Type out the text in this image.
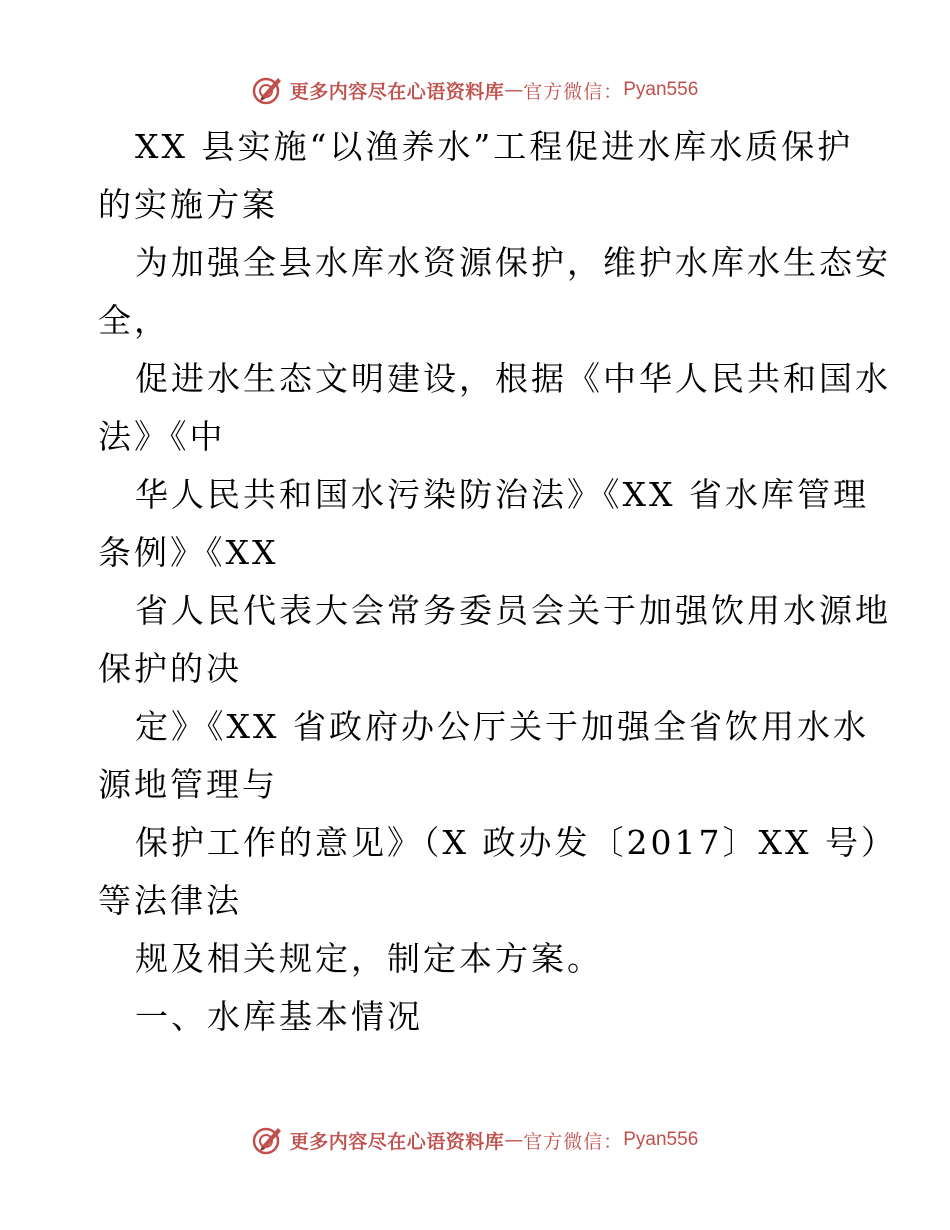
更多内容尽在心语资料库 — 官方微信： Pyan556
XX 县实施“以渔养水”工程促进水库水质保护
的实施方案
为加强全县水库水资源保护，维护水库水生态安
全，
促进水生态文明建设，根据《中华人民共和国水
法》《中
华人民共和国水污染防治法》《XX 省水库管理
条例》《XX
省人民代表大会常务委员会关于加强饮用水源地
保护的决
定》《XX 省政府办公厅关于加强全省饮用水水
源地管理与
保护工作的意见》（X 政办发〔2017〕XX 号）
等法律法
规及相关规定，制定本方案。
一、水库基本情况
更多内容尽在心语资料库 — 官方微信： Pyan556
